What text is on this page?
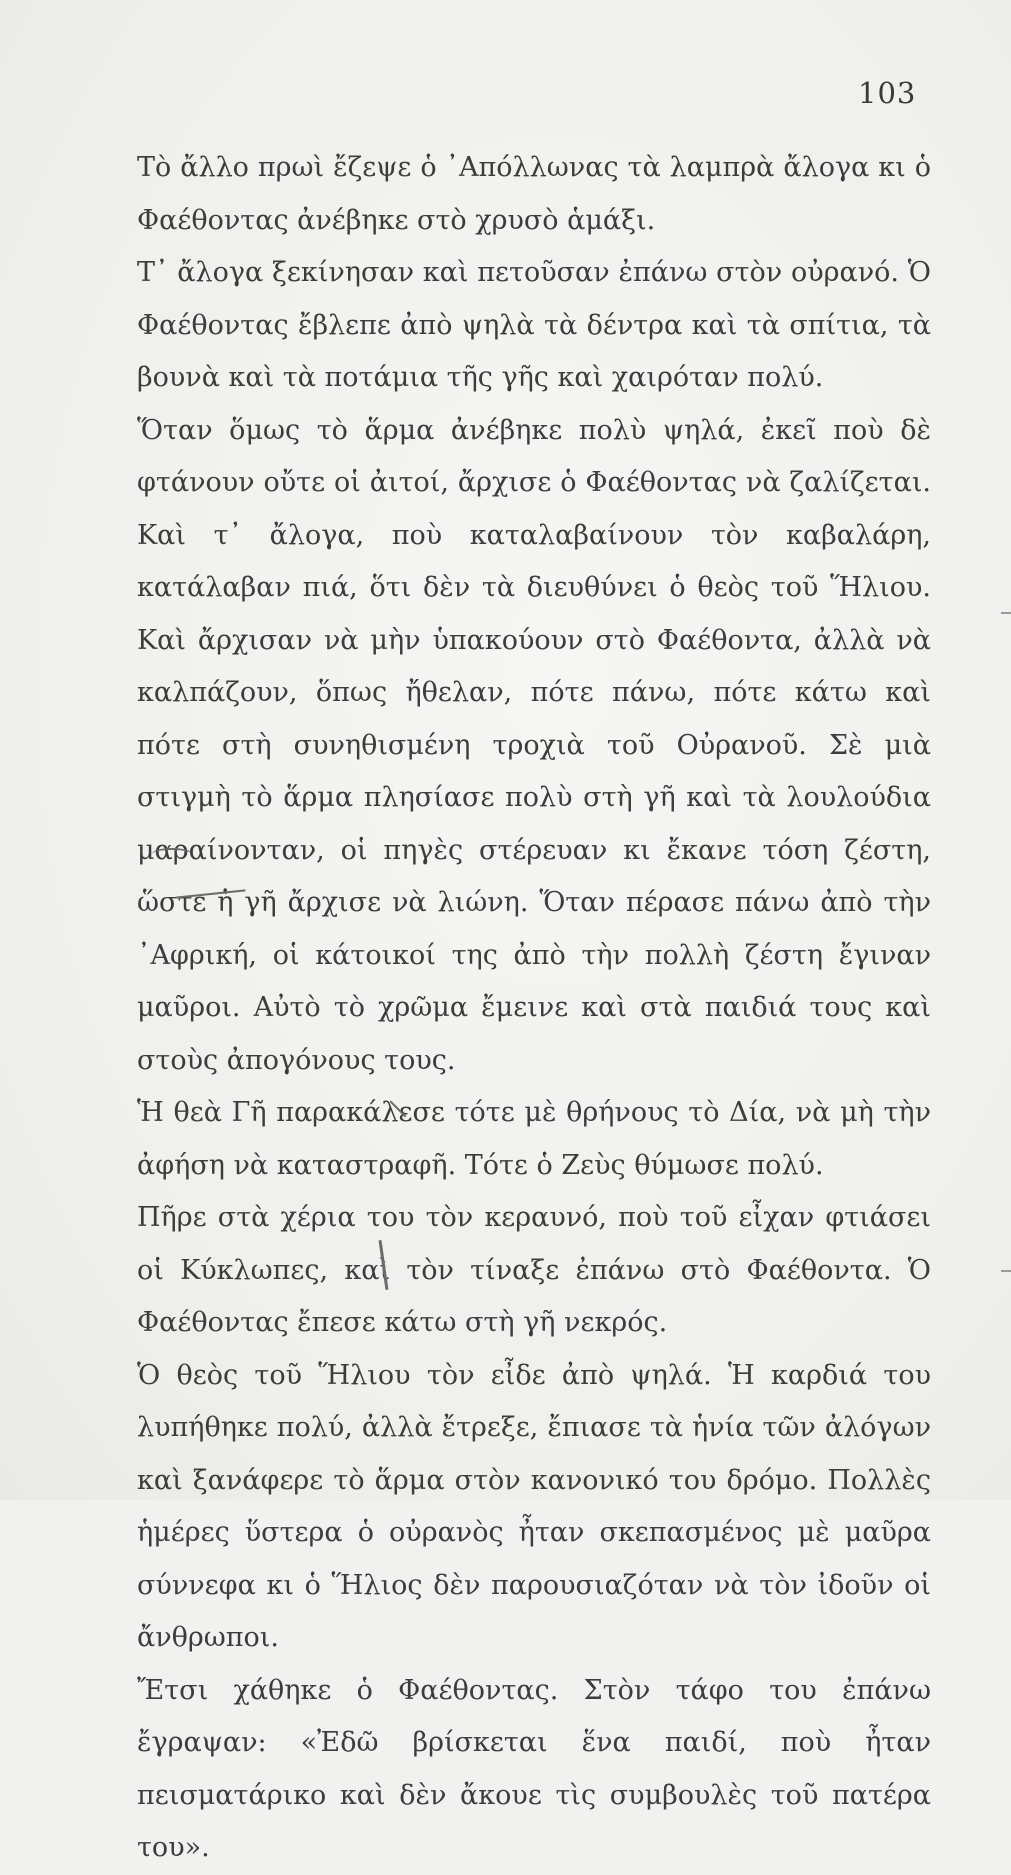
103

Τὸ ἄλλο πρωὶ ἔζεψε ὁ ᾿Απόλλωνας τὰ λαμπρὰ ἄλογα κι ὁ Φαέθοντας ἀνέβηκε στὸ χρυσὸ ἁμάξι.

Τ᾿ ἄλογα ξεκίνησαν καὶ πετοῦσαν ἐπάνω στὸν οὐρανό. Ὁ Φαέθοντας ἔβλεπε ἀπὸ ψηλὰ τὰ δέντρα καὶ τὰ σπίτια, τὰ βουνὰ καὶ τὰ ποτάμια τῆς γῆς καὶ χαιρόταν πολύ.

Ὅταν ὅμως τὸ ἅρμα ἀνέβηκε πολὺ ψηλά, ἐκεῖ ποὺ δὲ φτάνουν οὔτε οἱ ἀιτοί, ἄρχισε ὁ Φαέθοντας νὰ ζαλίζεται. Καὶ τ᾿ ἄλογα, ποὺ καταλαβαίνουν τὸν καβαλάρη, κατάλαβαν πιά, ὅτι δὲν τὰ διευθύνει ὁ θεὸς τοῦ Ἥλιου. Καὶ ἄρχισαν νὰ μὴν ὑπακούουν στὸ Φαέθοντα, ἀλλὰ νὰ καλπάζουν, ὅπως ἤθελαν, πότε πάνω, πότε κάτω καὶ πότε στὴ συνηθισμένη τροχιὰ τοῦ Οὐρανοῦ. Σὲ μιὰ στιγμὴ τὸ ἅρμα πλησίασε πολὺ στὴ γῆ καὶ τὰ λουλούδια μαραίνονταν, οἱ πηγὲς στέρευαν κι ἔκανε τόση ζέστη, ὥστε ἡ γῆ ἄρχισε νὰ λιώνη. Ὅταν πέρασε πάνω ἀπὸ τὴν ᾿Αφρική, οἱ κάτοικοί της ἀπὸ τὴν πολλὴ ζέστη ἔγιναν μαῦροι. Αὐτὸ τὸ χρῶμα ἔμεινε καὶ στὰ παιδιά τους καὶ στοὺς ἀπογόνους τους.

Ἡ θεὰ Γῆ παρακάλεσε τότε μὲ θρήνους τὸ Δία, νὰ μὴ τὴν ἀφήση νὰ καταστραφῆ. Τότε ὁ Ζεὺς θύμωσε πολύ.

Πῆρε στὰ χέρια του τὸν κεραυνό, ποὺ τοῦ εἶχαν φτιάσει οἱ Κύκλωπες, καὶ τὸν τίναξε ἐπάνω στὸ Φαέθοντα. Ὁ Φαέθοντας ἔπεσε κάτω στὴ γῆ νεκρός.

Ὁ θεὸς τοῦ Ἥλιου τὸν εἶδε ἀπὸ ψηλά. Ἡ καρδιά του λυπήθηκε πολύ, ἀλλὰ ἔτρεξε, ἔπιασε τὰ ἡνία τῶν ἀλόγων καὶ ξανάφερε τὸ ἅρμα στὸν κανονικό του δρόμο. Πολλὲς ἡμέρες ὕστερα ὁ οὐρανὸς ἦταν σκεπασμένος μὲ μαῦρα σύννεφα κι ὁ Ἥλιος δὲν παρουσιαζόταν νὰ τὸν ἰδοῦν οἱ ἄνθρωποι.

Ἔτσι χάθηκε ὁ Φαέθοντας. Στὸν τάφο του ἐπάνω ἔγραψαν: «Ἐδῶ βρίσκεται ἕνα παιδί, ποὺ ἦταν πεισματάρικο καὶ δὲν ἄκουε τὶς συμβουλὲς τοῦ πατέρα του».
